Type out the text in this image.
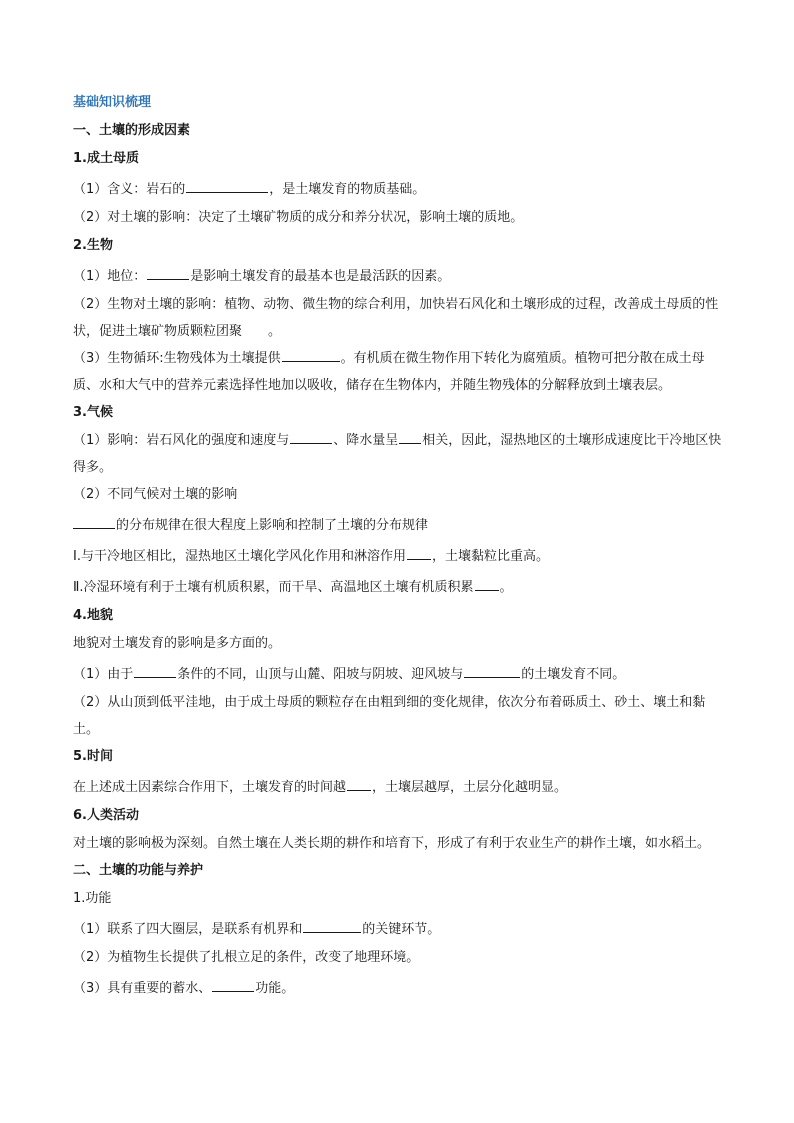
基础知识梳理
一、土壤的形成因素
1.成土母质
（1）含义：岩石的	，是土壤发育的物质基础。
（2）对土壤的影响：决定了土壤矿物质的成分和养分状况，影响土壤的质地。
2.生物
（1）地位：	是影响土壤发育的最基本也是最活跃的因素。
（2）生物对土壤的影响：植物、动物、微生物的综合利用，加快岩石风化和土壤形成的过程，改善成土母质的性状，促进土壤矿物质颗粒团聚 。
（3）生物循环:生物残体为土壤提供	。有机质在微生物作用下转化为腐殖质。植物可把分散在成土母质、水和大气中的营养元素选择性地加以吸收，储存在生物体内，并随生物残体的分解释放到土壤表层。
3.气候
（1）影响：岩石风化的强度和速度与	、降水量呈 相关，因此，湿热地区的土壤形成速度比干冷地区快得多。
（2）不同气候对土壤的影响
的分布规律在很大程度上影响和控制了土壤的分布规律
Ⅰ.与干冷地区相比，湿热地区土壤化学风化作用和淋溶作用 ，土壤黏粒比重高。
Ⅱ.冷湿环境有利于土壤有机质积累，而干旱、高温地区土壤有机质积累 。
4.地貌
地貌对土壤发育的影响是多方面的。
（1）由于	条件的不同，山顶与山麓、阳坡与阴坡、迎风坡与	的土壤发育不同。
（2）从山顶到低平洼地，由于成土母质的颗粒存在由粗到细的变化规律，依次分布着砾质土、砂土、壤土和黏土。
5.时间
在上述成土因素综合作用下，土壤发育的时间越 ，土壤层越厚，土层分化越明显。
6.人类活动
对土壤的影响极为深刻。自然土壤在人类长期的耕作和培育下，形成了有利于农业生产的耕作土壤，如水稻土。
二、土壤的功能与养护
1.功能
（1）联系了四大圈层，是联系有机界和	的关键环节。
（2）为植物生长提供了扎根立足的条件，改变了地理环境。
（3）具有重要的蓄水、	功能。
